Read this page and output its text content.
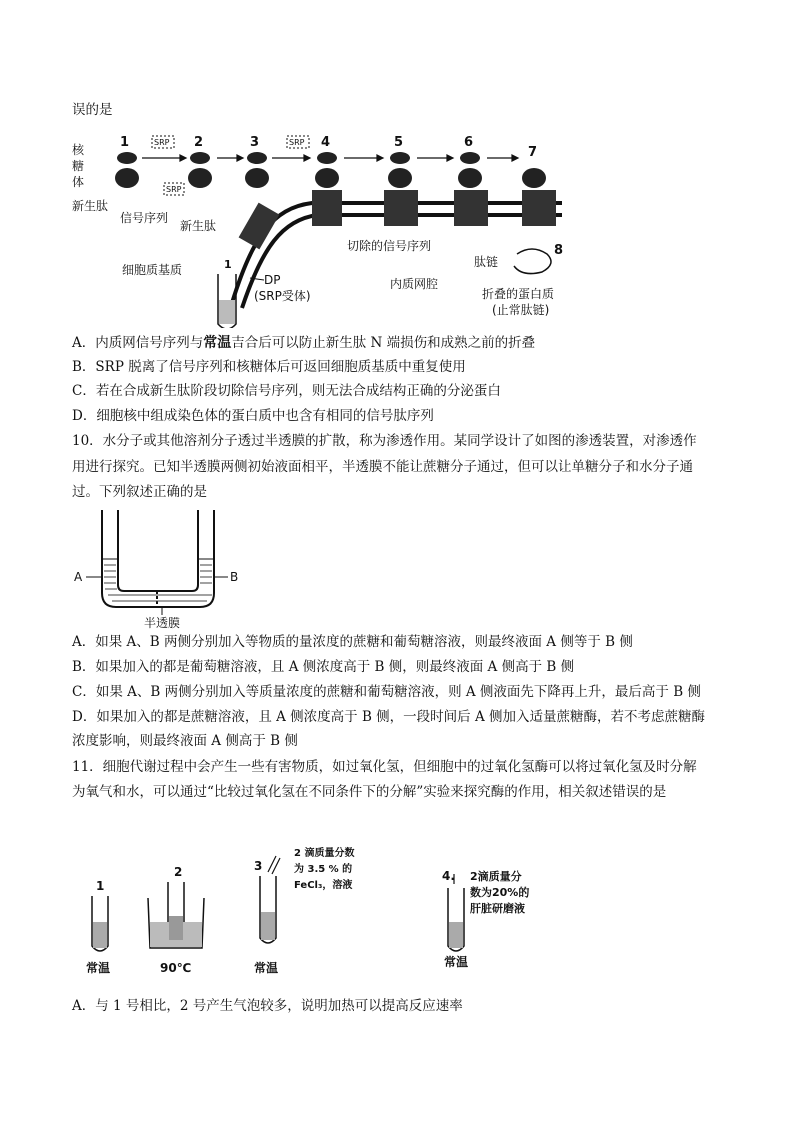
误的是
核
糖
体
1	2	3	4	5	6
7
8
SRP	SRP
SRP
新生肽
信号序列
新生肽
细胞质基质
切除的信号序列
内质网腔
肽链
折叠的蛋白质
(止常肽链)
DP
(SRP受体)
1
A．内质网信号序列与常温吉合后可以防止新生肽 N 端损伤和成熟之前的折叠
B．SRP 脱离了信号序列和核糖体后可返回细胞质基质中重复使用
C．若在合成新生肽阶段切除信号序列，则无法合成结构正确的分泌蛋白
D．细胞核中组成染色体的蛋白质中也含有相同的信号肽序列
10．水分子或其他溶剂分子透过半透膜的扩散，称为渗透作用。某同学设计了如图的渗透装置，对渗透作
用进行探究。已知半透膜两侧初始液面相平，半透膜不能让蔗糖分子通过，但可以让单糖分子和水分子通
过。下列叙述正确的是
A	B
半透膜
A．如果 A、B 两侧分别加入等物质的量浓度的蔗糖和葡萄糖溶液，则最终液面 A 侧等于 B 侧
B．如果加入的都是葡萄糖溶液，且 A 侧浓度高于 B 侧，则最终液面 A 侧高于 B 侧
C．如果 A、B 两侧分别加入等质量浓度的蔗糖和葡萄糖溶液，则 A 侧液面先下降再上升，最后高于 B 侧
D．如果加入的都是蔗糖溶液，且 A 侧浓度高于 B 侧，一段时间后 A 侧加入适量蔗糖酶，若不考虑蔗糖酶
浓度影响，则最终液面 A 侧高于 B 侧
11．细胞代谢过程中会产生一些有害物质，如过氧化氢，但细胞中的过氧化氢酶可以将过氧化氢及时分解
为氧气和水，可以通过“比较过氧化氢在不同条件下的分解”实验来探究酶的作用，相关叙述错误的是
1
常温
2
90℃
3
常温
2 滴质量分数
为 3.5 % 的
FeCl₃，溶液
4.
常温
2滴质量分
数为20%的
肝脏研磨液
A．与 1 号相比，2 号产生气泡较多，说明加热可以提高反应速率
